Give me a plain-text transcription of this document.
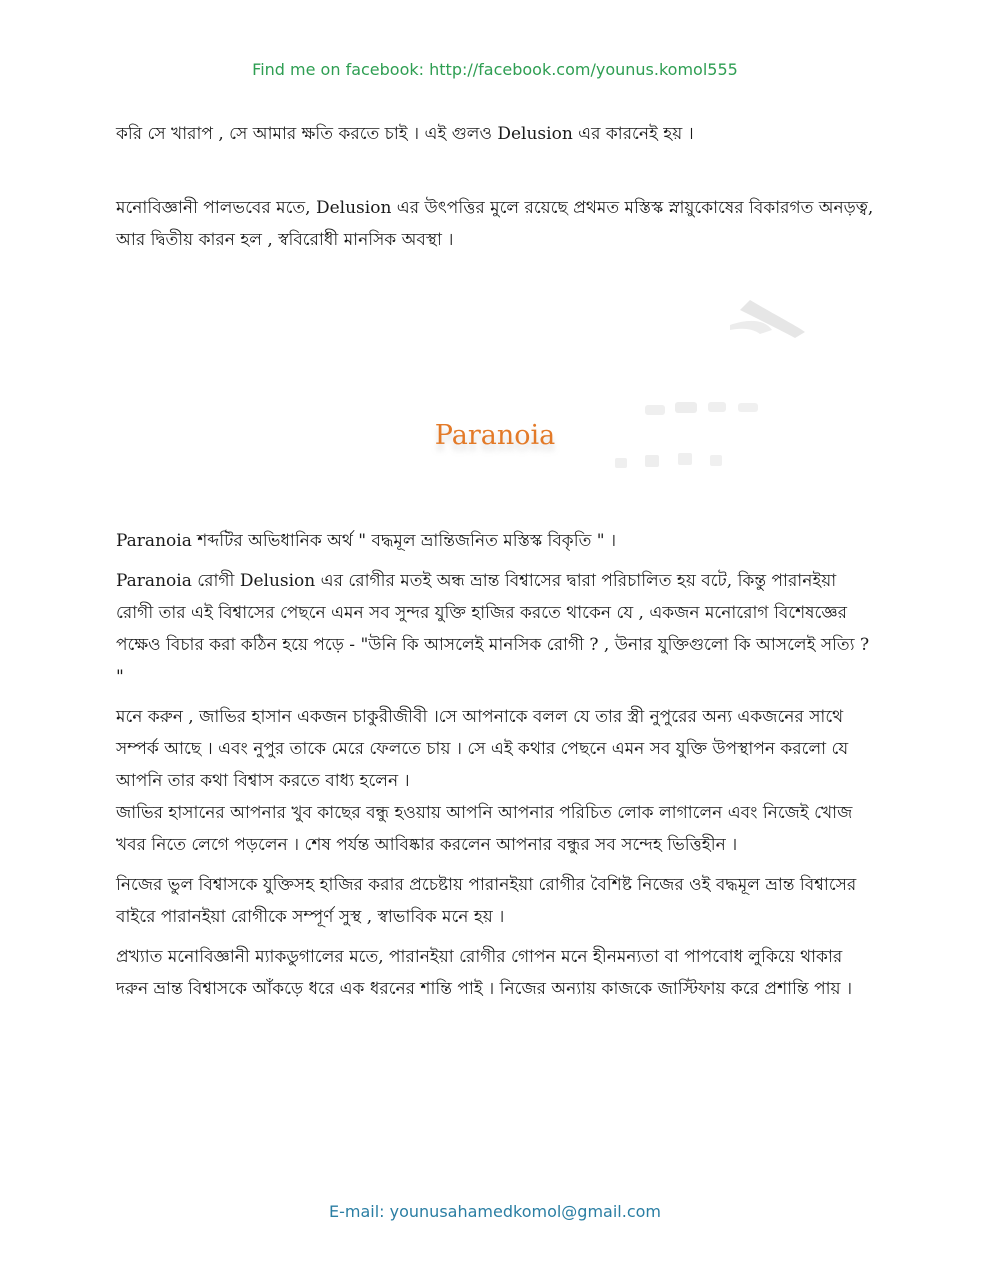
Find me on facebook: http://facebook.com/younus.komol555
করি সে খারাপ , সে আমার ক্ষতি করতে চাই । এই গুলও Delusion এর কারনেই হয় ।
মনোবিজ্ঞানী পালভবের মতে, Delusion এর উৎপত্তির মুলে রয়েছে প্রথমত মস্তিস্ক স্নায়ুকোষের বিকারগত অনড়ত্ব, আর দ্বিতীয় কারন হল , স্ববিরোধী মানসিক অবস্থা ।
Paranoia

Paranoia শব্দটির অভিধানিক অর্থ " বদ্ধমূল ভ্রান্তিজনিত মস্তিস্ক বিকৃতি " ।

Paranoia রোগী Delusion এর রোগীর মতই অন্ধ ভ্রান্ত বিশ্বাসের দ্বারা পরিচালিত হয় বটে, কিন্তু পারানইয়া রোগী তার এই বিশ্বাসের পেছনে এমন সব সুন্দর যুক্তি হাজির করতে থাকেন যে , একজন মনোরোগ বিশেষজ্ঞের পক্ষেও বিচার করা কঠিন হয়ে পড়ে - "উনি কি আসলেই মানসিক রোগী ? , উনার যুক্তিগুলো কি আসলেই সত্যি ? "

মনে করুন , জাভির হাসান একজন চাকুরীজীবী ।সে আপনাকে বলল যে তার স্ত্রী নুপুরের অন্য একজনের সাথে সম্পর্ক আছে । এবং নুপুর তাকে মেরে ফেলতে চায় । সে এই কথার পেছনে এমন সব যুক্তি উপস্থাপন করলো যে আপনি তার কথা বিশ্বাস করতে বাধ্য হলেন ।

জাভির হাসানের আপনার খুব কাছের বন্ধু হওয়ায় আপনি আপনার পরিচিত লোক লাগালেন এবং নিজেই খোজ খবর নিতে লেগে পড়লেন । শেষ পর্যন্ত আবিষ্কার করলেন আপনার বন্ধুর সব সন্দেহ ভিত্তিহীন ।

নিজের ভুল বিশ্বাসকে যুক্তিসহ হাজির করার প্রচেষ্টায় পারানইয়া রোগীর বৈশিষ্ট নিজের ওই বদ্ধমূল ভ্রান্ত বিশ্বাসের বাইরে পারানইয়া রোগীকে সম্পূর্ণ সুস্থ , স্বাভাবিক মনে হয় ।

প্রখ্যাত মনোবিজ্ঞানী ম্যাকডুগালের মতে, পারানইয়া রোগীর গোপন মনে হীনমন্যতা বা পাপবোধ লুকিয়ে থাকার দরুন ভ্রান্ত বিশ্বাসকে আঁকড়ে ধরে এক ধরনের শান্তি পাই । নিজের অন্যায় কাজকে জাস্টিফায় করে প্রশান্তি পায় ।

E-mail: younusahamedkomol@gmail.com
